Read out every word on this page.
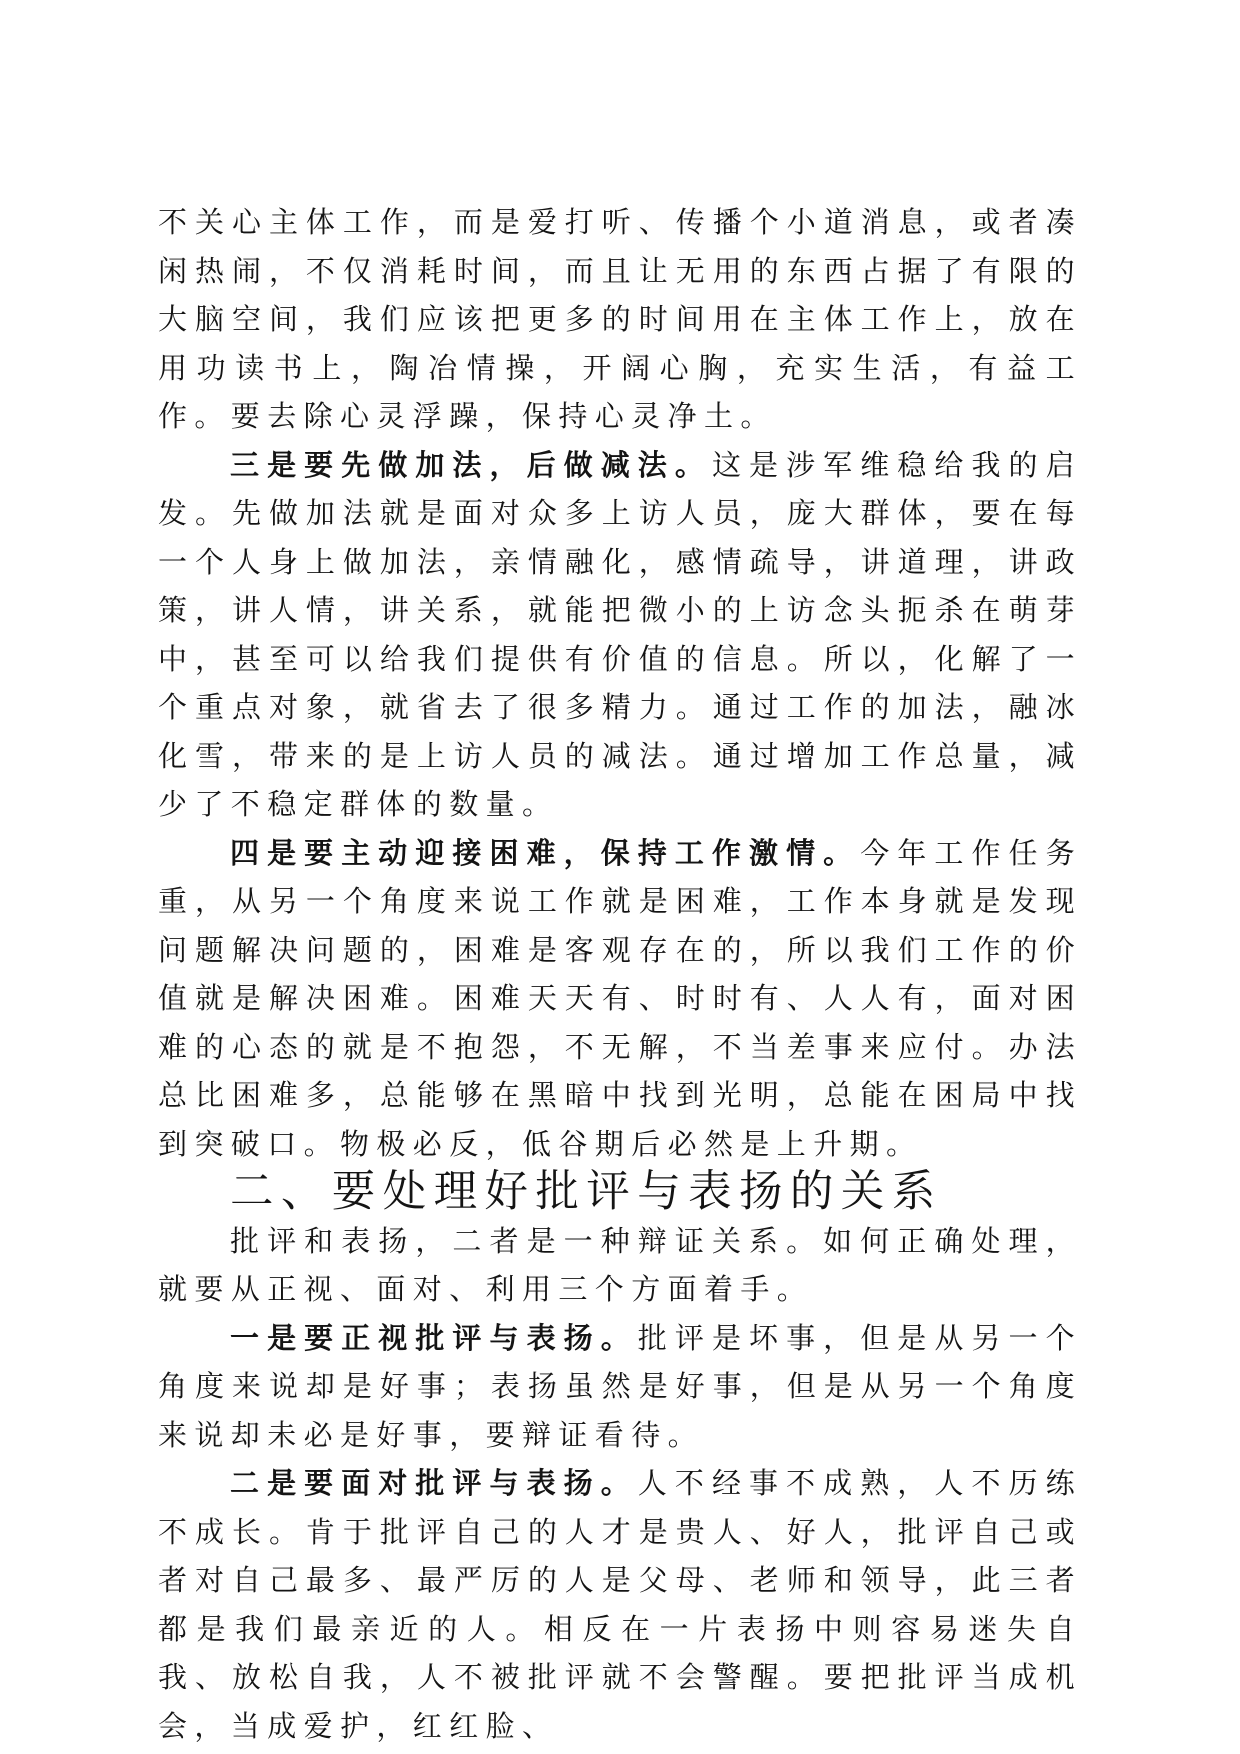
不关心主体工作，而是爱打听、传播个小道消息，或者凑闲热闹，不仅消耗时间，而且让无用的东西占据了有限的大脑空间，我们应该把更多的时间用在主体工作上，放在用功读书上，陶冶情操，开阔心胸，充实生活，有益工作。要去除心灵浮躁，保持心灵净土。

三是要先做加法，后做减法。这是涉军维稳给我的启发。先做加法就是面对众多上访人员，庞大群体，要在每一个人身上做加法，亲情融化，感情疏导，讲道理，讲政策，讲人情，讲关系，就能把微小的上访念头扼杀在萌芽中，甚至可以给我们提供有价值的信息。所以，化解了一个重点对象，就省去了很多精力。通过工作的加法，融冰化雪，带来的是上访人员的减法。通过增加工作总量，减少了不稳定群体的数量。

四是要主动迎接困难，保持工作激情。今年工作任务重，从另一个角度来说工作就是困难，工作本身就是发现问题解决问题的，困难是客观存在的，所以我们工作的价值就是解决困难。困难天天有、时时有、人人有，面对困难的心态的就是不抱怨，不无解，不当差事来应付。办法总比困难多，总能够在黑暗中找到光明，总能在困局中找到突破口。物极必反，低谷期后必然是上升期。

二、要处理好批评与表扬的关系

批评和表扬，二者是一种辩证关系。如何正确处理，就要从正视、面对、利用三个方面着手。

一是要正视批评与表扬。批评是坏事，但是从另一个角度来说却是好事；表扬虽然是好事，但是从另一个角度来说却未必是好事，要辩证看待。

二是要面对批评与表扬。人不经事不成熟，人不历练不成长。肯于批评自己的人才是贵人、好人，批评自己或者对自己最多、最严厉的人是父母、老师和领导，此三者都是我们最亲近的人。相反在一片表扬中则容易迷失自我、放松自我，人不被批评就不会警醒。要把批评当成机会，当成爱护，红红脸、
